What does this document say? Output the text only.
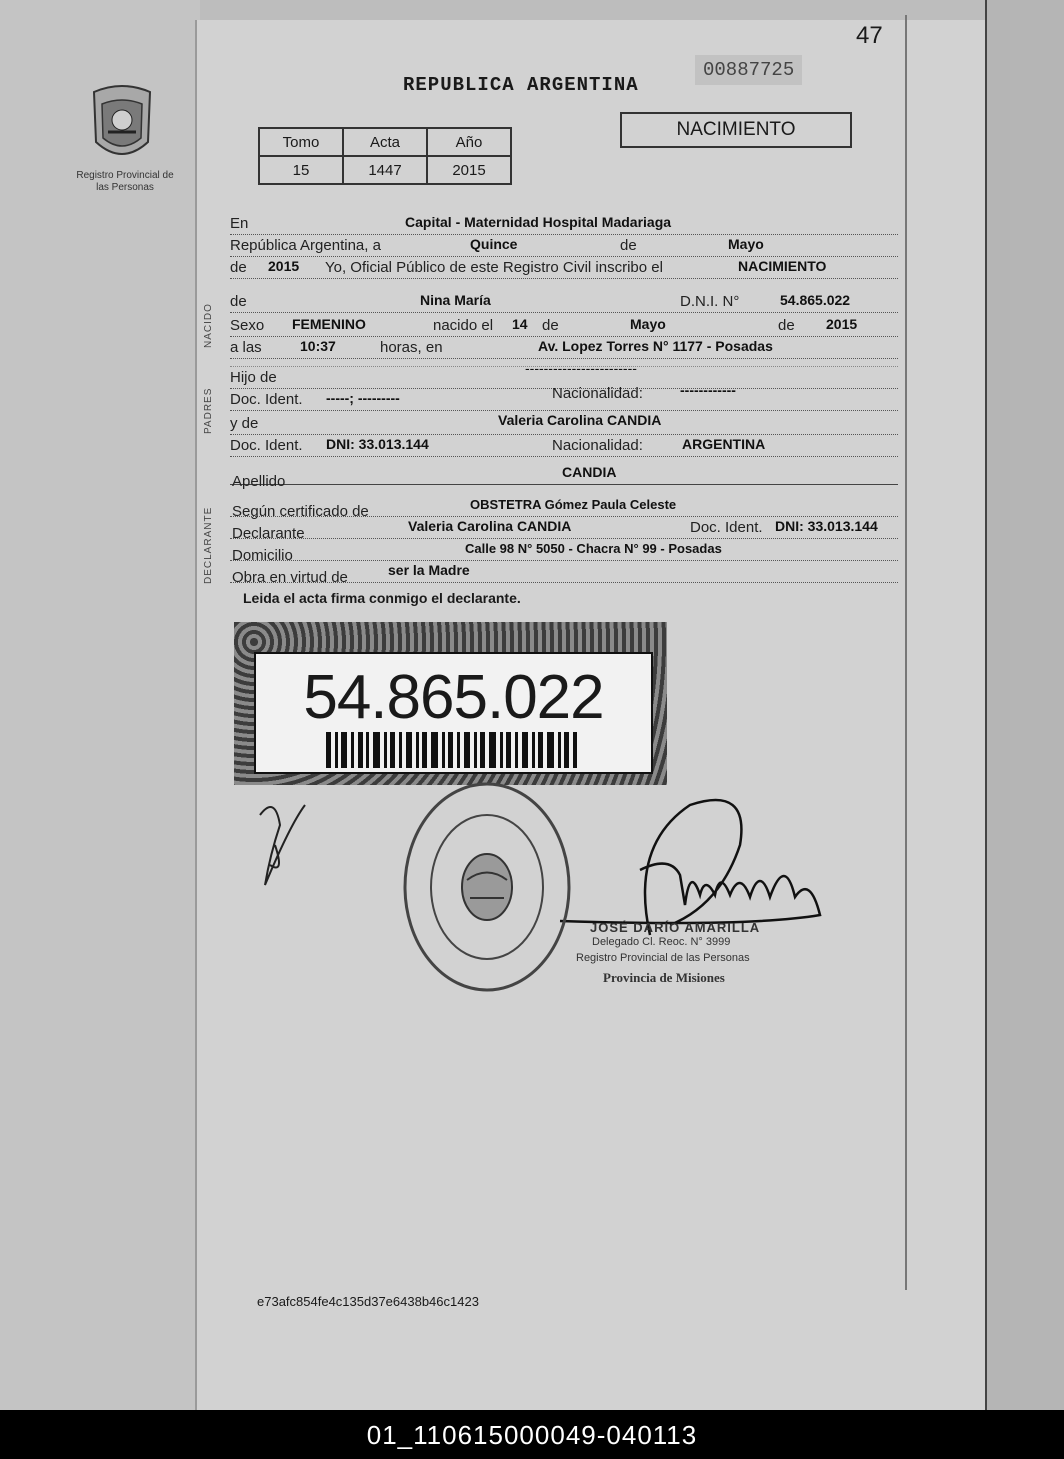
47
Registro Provincial de las Personas
REPUBLICA ARGENTINA
00887725
Tomo	Acta	Año
15	1447	2015
NACIMIENTO
NACIDO
PADRES
DECLARANTE
En	Capital - Maternidad Hospital Madariaga
República Argentina, a	Quince	de	Mayo
de 2015 Yo, Oficial Público de este Registro Civil inscribo el	NACIMIENTO
de	Nina María	D.N.I. N°	54.865.022
Sexo FEMENINO	nacido el 14 de	Mayo	de 2015
a las	10:37	horas, en	Av. Lopez Torres N° 1177 - Posadas
------------------------
Hijo de
Doc. Ident. -----; ---------	Nacionalidad:	------------
y de	Valeria Carolina CANDIA
Doc. Ident. DNI: 33.013.144	Nacionalidad:	ARGENTINA
Apellido
CANDIA
Según certificado de	OBSTETRA Gómez Paula Celeste
Declarante	Valeria Carolina CANDIA	Doc. Ident. DNI: 33.013.144
Domicilio	Calle 98 N° 5050 - Chacra N° 99 - Posadas
Obra en virtud de	ser la Madre
Leida el acta firma conmigo el declarante.
54.865.022
JOSÉ DARÍO AMARILLA
Delegado Cl. Reoc. N° 3999
Registro Provincial de las Personas
Provincia de Misiones
e73afc854fe4c135d37e6438b46c1423
01_110615000049-040113
